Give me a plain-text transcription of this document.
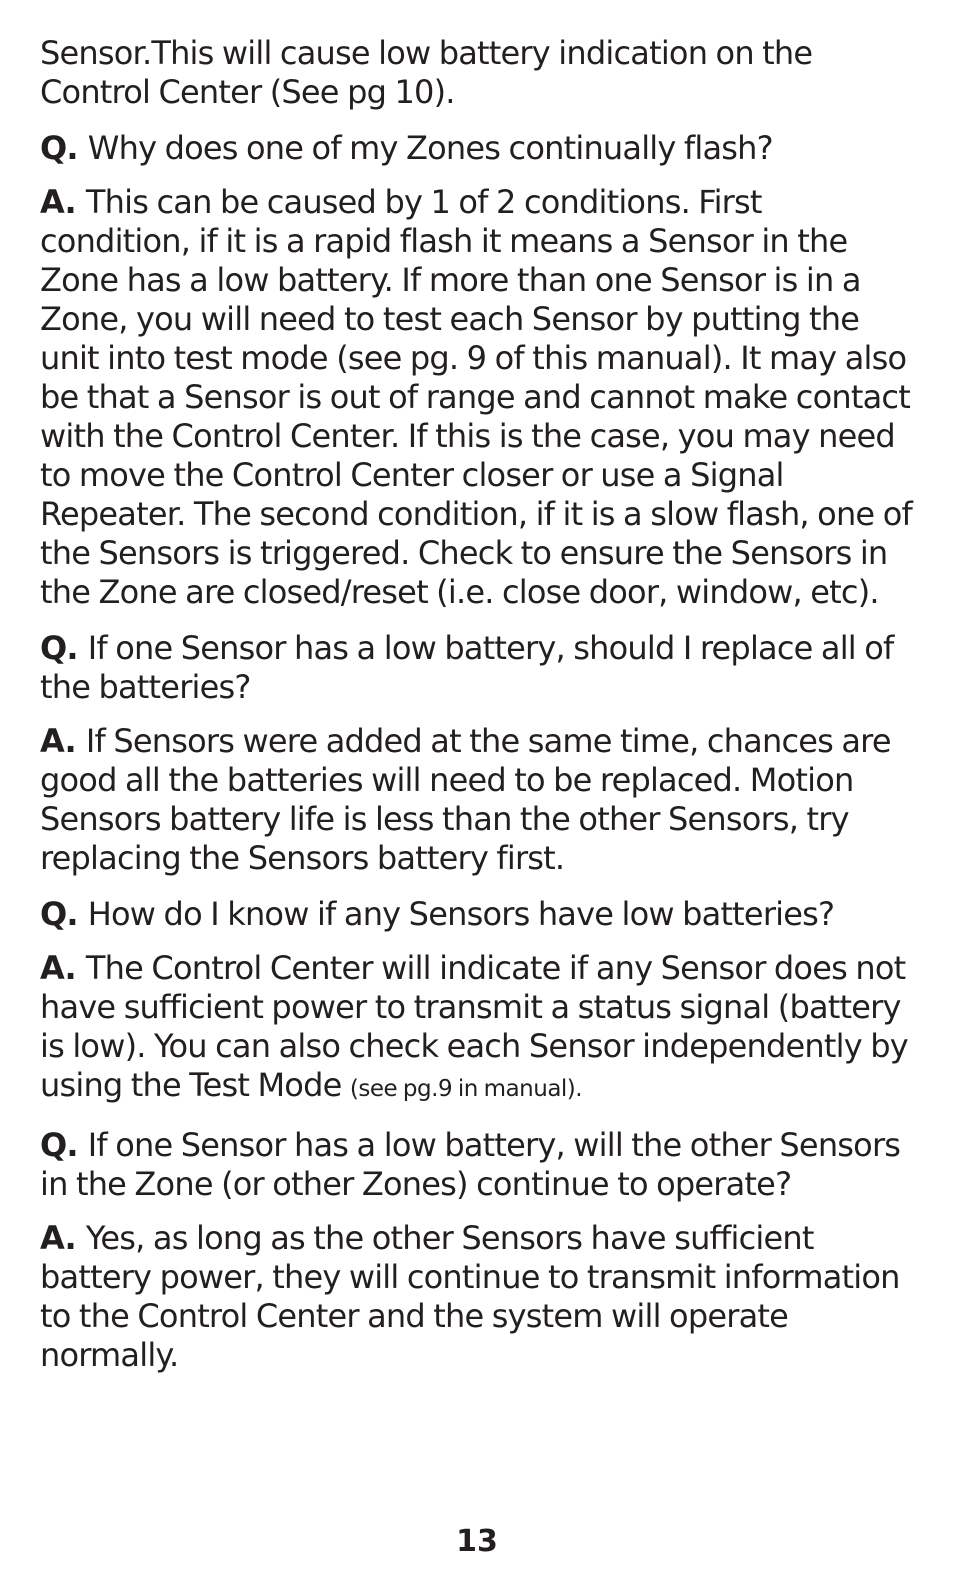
Sensor.This will cause low battery indication on the Control Center (See pg 10).

Q. Why does one of my Zones continually flash?

A. This can be caused by 1 of 2 conditions. First condition, if it is a rapid flash it means a Sensor in the Zone has a low battery. If more than one Sensor is in a Zone, you will need to test each Sensor by putting the unit into test mode (see pg. 9 of this manual). It may also be that a Sensor is out of range and cannot make contact with the Control Center. If this is the case, you may need to move the Control Center closer or use a Signal Repeater. The second condition, if it is a slow flash, one of the Sensors is triggered. Check to ensure the Sensors in the Zone are closed/reset (i.e. close door, window, etc).

Q. If one Sensor has a low battery, should I replace all of the batteries?

A. If Sensors were added at the same time, chances are good all the batteries will need to be replaced. Motion Sensors battery life is less than the other Sensors, try replacing the Sensors battery first.

Q. How do I know if any Sensors have low batteries?

A. The Control Center will indicate if any Sensor does not have sufficient power to transmit a status signal (battery is low). You can also check each Sensor independently by using the Test Mode (see pg.9 in manual).

Q. If one Sensor has a low battery, will the other Sensors in the Zone (or other Zones) continue to operate?

A. Yes, as long as the other Sensors have sufficient battery power, they will continue to transmit information to the Control Center and the system will operate normally.

13
